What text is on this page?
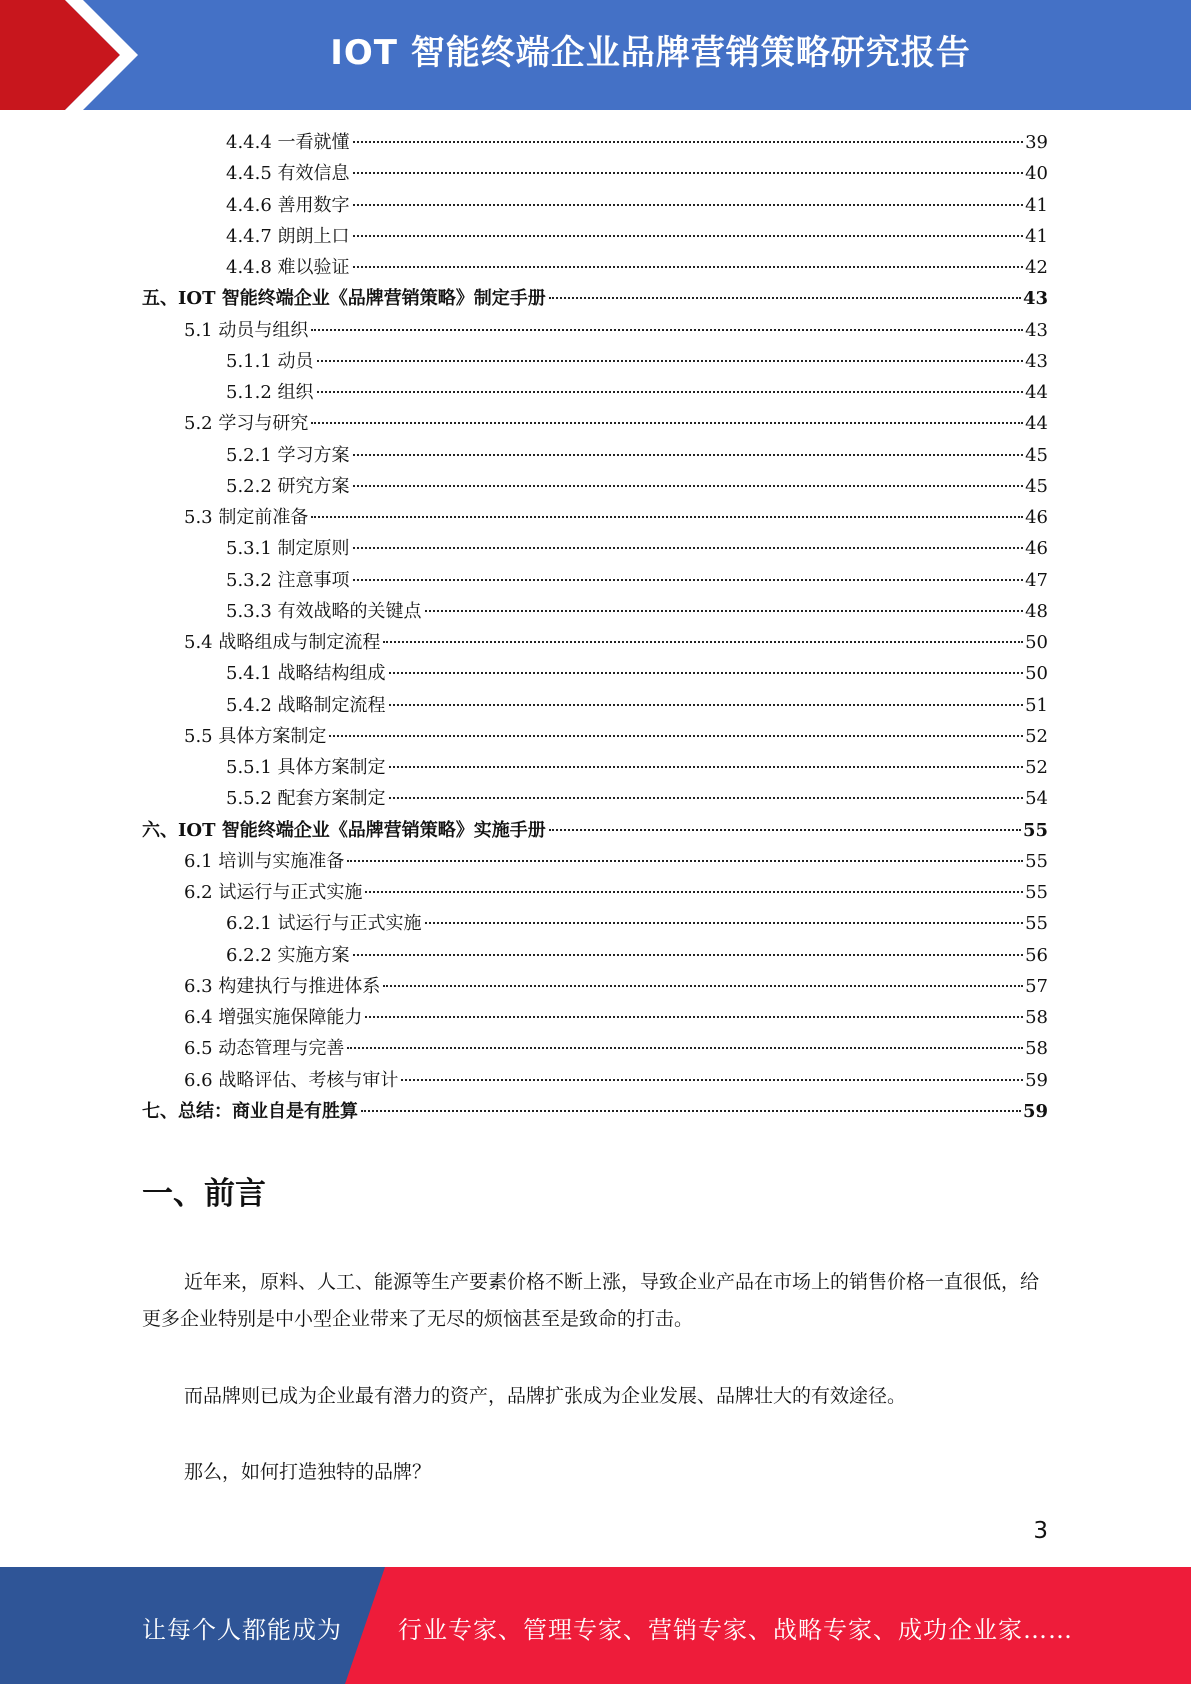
IOT 智能终端企业品牌营销策略研究报告
4.4.4 一看就懂	39
4.4.5 有效信息	40
4.4.6 善用数字	41
4.4.7 朗朗上口	41
4.4.8 难以验证	42
五、IOT 智能终端企业《品牌营销策略》制定手册	43
5.1 动员与组织	43
5.1.1 动员	43
5.1.2 组织	44
5.2 学习与研究	44
5.2.1 学习方案	45
5.2.2 研究方案	45
5.3 制定前准备	46
5.3.1 制定原则	46
5.3.2 注意事项	47
5.3.3 有效战略的关键点	48
5.4 战略组成与制定流程	50
5.4.1 战略结构组成	50
5.4.2 战略制定流程	51
5.5 具体方案制定	52
5.5.1 具体方案制定	52
5.5.2 配套方案制定	54
六、IOT 智能终端企业《品牌营销策略》实施手册	55
6.1 培训与实施准备	55
6.2 试运行与正式实施	55
6.2.1 试运行与正式实施	55
6.2.2 实施方案	56
6.3 构建执行与推进体系	57
6.4 增强实施保障能力	58
6.5 动态管理与完善	58
6.6 战略评估、考核与审计	59
七、总结：商业自是有胜算	59
一、前言

近年来，原料、人工、能源等生产要素价格不断上涨，导致企业产品在市场上的销售价格一直很低，给更多企业特别是中小型企业带来了无尽的烦恼甚至是致命的打击。

而品牌则已成为企业最有潜力的资产，品牌扩张成为企业发展、品牌壮大的有效途径。

那么，如何打造独特的品牌？

3
让每个人都能成为 行业专家、管理专家、营销专家、战略专家、成功企业家……
